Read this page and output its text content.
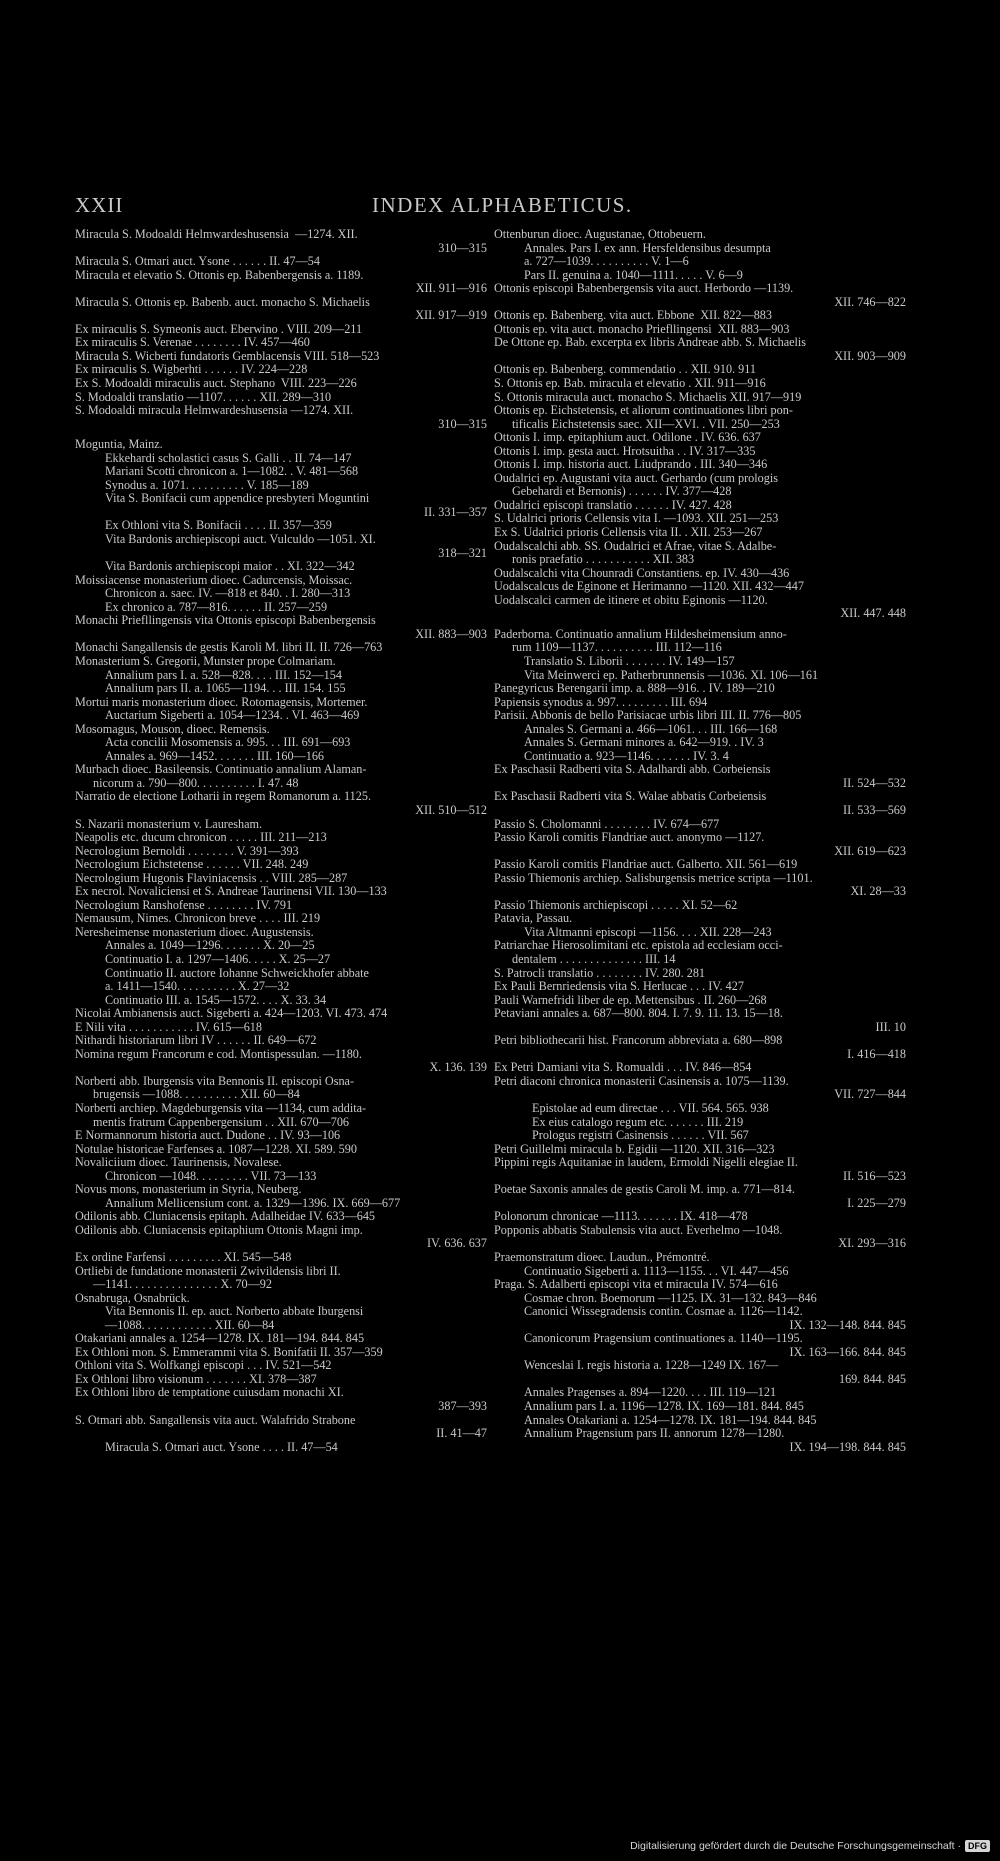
XXII	INDEX ALPHABETICUS.
Miracula S. Modoaldi Helmwardeshusensia  —1274. XII.
310—315
Miracula S. Otmari auct. Ysone . . . . . . II. 47—54
Miracula et elevatio S. Ottonis ep. Babenbergensis a. 1189.
XII. 911—916
Miracula S. Ottonis ep. Babenb. auct. monacho S. Michaelis
XII. 917—919
Ex miraculis S. Symeonis auct. Eberwino . VIII. 209—211
Ex miraculis S. Verenae . . . . . . . . IV. 457—460
Miracula S. Wicberti fundatoris Gemblacensis VIII. 518—523
Ex miraculis S. Wigberhti . . . . . . IV. 224—228
Ex S. Modoaldi miraculis auct. Stephano  VIII. 223—226
S. Modoaldi translatio —1107. . . . . . XII. 289—310
S. Modoaldi miracula Helmwardeshusensia —1274. XII.
310—315
Moguntia, Mainz.
Ekkehardi scholastici casus S. Galli . . II. 74—147
Mariani Scotti chronicon a. 1—1082. . V. 481—568
Synodus a. 1071. . . . . . . . . . V. 185—189
Vita S. Bonifacii cum appendice presbyteri Moguntini
II. 331—357
Ex Othloni vita S. Bonifacii . . . . II. 357—359
Vita Bardonis archiepiscopi auct. Vulculdo —1051. XI.
318—321
Vita Bardonis archiepiscopi maior . . XI. 322—342
Moissiacense monasterium dioec. Cadurcensis, Moissac.
Chronicon a. saec. IV. —818 et 840. . I. 280—313
Ex chronico a. 787—816. . . . . . II. 257—259
Monachi Priefllingensis vita Ottonis episcopi Babenbergensis
XII. 883—903
Monachi Sangallensis de gestis Karoli M. libri II. II. 726—763
Monasterium S. Gregorii, Munster prope Colmariam.
Annalium pars I. a. 528—828. . . . III. 152—154
Annalium pars II. a. 1065—1194. . . III. 154. 155
Mortui maris monasterium dioec. Rotomagensis, Mortemer.
Auctarium Sigeberti a. 1054—1234. . VI. 463—469
Mosomagus, Mouson, dioec. Remensis.
Acta concilii Mosomensis a. 995. . . III. 691—693
Annales a. 969—1452. . . . . . . III. 160—166
Murbach dioec. Basileensis. Continuatio annalium Alaman-
nicorum a. 790—800. . . . . . . . . . I. 47. 48
Narratio de electione Lotharii in regem Romanorum a. 1125.
XII. 510—512
S. Nazarii monasterium v. Lauresham.
Neapolis etc. ducum chronicon . . . . . III. 211—213
Necrologium Bernoldi . . . . . . . . V. 391—393
Necrologium Eichstetense . . . . . . VII. 248. 249
Necrologium Hugonis Flaviniacensis . . VIII. 285—287
Ex necrol. Novaliciensi et S. Andreae Taurinensi VII. 130—133
Necrologium Ranshofense . . . . . . . . IV. 791
Nemausum, Nimes. Chronicon breve . . . . III. 219
Neresheimense monasterium dioec. Augustensis.
Annales a. 1049—1296. . . . . . . X. 20—25
Continuatio I. a. 1297—1406. . . . . X. 25—27
Continuatio II. auctore Iohanne Schweickhofer abbate
a. 1411—1540. . . . . . . . . . X. 27—32
Continuatio III. a. 1545—1572. . . . X. 33. 34
Nicolai Ambianensis auct. Sigeberti a. 424—1203. VI. 473. 474
E Nili vita . . . . . . . . . . . IV. 615—618
Nithardi historiarum libri IV . . . . . . II. 649—672
Nomina regum Francorum e cod. Montispessulan. —1180.
X. 136. 139
Norberti abb. Iburgensis vita Bennonis II. episcopi Osna-
brugensis —1088. . . . . . . . . . XII. 60—84
Norberti archiep. Magdeburgensis vita —1134, cum addita-
mentis fratrum Cappenbergensium . . XII. 670—706
E Normannorum historia auct. Dudone . . IV. 93—106
Notulae historicae Farfenses a. 1087—1228. XI. 589. 590
Novaliciium dioec. Taurinensis, Novalese.
Chronicon —1048. . . . . . . . . VII. 73—133
Novus mons, monasterium in Styria, Neuberg.
Annalium Mellicensium cont. a. 1329—1396. IX. 669—677
Odilonis abb. Cluniacensis epitaph. Adalheidae IV. 633—645
Odilonis abb. Cluniacensis epitaphium Ottonis Magni imp.
IV. 636. 637
Ex ordine Farfensi . . . . . . . . . XI. 545—548
Ortliebi de fundatione monasterii Zwivildensis libri II.
—1141. . . . . . . . . . . . . . . X. 70—92
Osnabruga, Osnabrück.
Vita Bennonis II. ep. auct. Norberto abbate Iburgensi
—1088. . . . . . . . . . . . XII. 60—84
Otakariani annales a. 1254—1278. IX. 181—194. 844. 845
Ex Othloni mon. S. Emmerammi vita S. Bonifatii II. 357—359
Othloni vita S. Wolfkangi episcopi . . . IV. 521—542
Ex Othloni libro visionum . . . . . . . XI. 378—387
Ex Othloni libro de temptatione cuiusdam monachi XI.
387—393
S. Otmari abb. Sangallensis vita auct. Walafrido Strabone
II. 41—47
Miracula S. Otmari auct. Ysone . . . . II. 47—54
Ottenburun dioec. Augustanae, Ottobeuern.
Annales. Pars I. ex ann. Hersfeldensibus desumpta
a. 727—1039. . . . . . . . . . V. 1—6
Pars II. genuina a. 1040—1111. . . . . V. 6—9
Ottonis episcopi Babenbergensis vita auct. Herbordo —1139.
XII. 746—822
Ottonis ep. Babenberg. vita auct. Ebbone  XII. 822—883
Ottonis ep. vita auct. monacho Priefllingensi  XII. 883—903
De Ottone ep. Bab. excerpta ex libris Andreae abb. S. Michaelis
XII. 903—909
Ottonis ep. Babenberg. commendatio . . XII. 910. 911
S. Ottonis ep. Bab. miracula et elevatio . XII. 911—916
S. Ottonis miracula auct. monacho S. Michaelis XII. 917—919
Ottonis ep. Eichstetensis, et aliorum continuationes libri pon-
tificalis Eichstetensis saec. XII—XVI. . VII. 250—253
Ottonis I. imp. epitaphium auct. Odilone . IV. 636. 637
Ottonis I. imp. gesta auct. Hrotsuitha . . IV. 317—335
Ottonis I. imp. historia auct. Liudprando . III. 340—346
Oudalrici ep. Augustani vita auct. Gerhardo (cum prologis
Gebehardi et Bernonis) . . . . . . IV. 377—428
Oudalrici episcopi translatio . . . . . . IV. 427. 428
S. Udalrici prioris Cellensis vita I. —1093. XII. 251—253
Ex S. Udalrici prioris Cellensis vita II. . XII. 253—267
Oudalscalchi abb. SS. Oudalrici et Afrae, vitae S. Adalbe-
ronis praefatio . . . . . . . . . . . XII. 383
Oudalscalchi vita Chounradi Constantiens. ep. IV. 430—436
Uodalscalcus de Eginone et Herimanno —1120. XII. 432—447
Uodalscalci carmen de itinere et obitu Eginonis —1120.
XII. 447. 448
Paderborna. Continuatio annalium Hildesheimensium anno-
rum 1109—1137. . . . . . . . . . III. 112—116
Translatio S. Liborii . . . . . . . IV. 149—157
Vita Meinwerci ep. Patherbrunnensis —1036. XI. 106—161
Panegyricus Berengarii imp. a. 888—916. . IV. 189—210
Papiensis synodus a. 997. . . . . . . . . III. 694
Parisii. Abbonis de bello Parisiacae urbis libri III. II. 776—805
Annales S. Germani a. 466—1061. . . III. 166—168
Annales S. Germani minores a. 642—919. . IV. 3
Continuatio a. 923—1146. . . . . . . IV. 3. 4
Ex Paschasii Radberti vita S. Adalhardi abb. Corbeiensis
II. 524—532
Ex Paschasii Radberti vita S. Walae abbatis Corbeiensis
II. 533—569
Passio S. Cholomanni . . . . . . . . IV. 674—677
Passio Karoli comitis Flandriae auct. anonymo —1127.
XII. 619—623
Passio Karoli comitis Flandriae auct. Galberto. XII. 561—619
Passio Thiemonis archiep. Salisburgensis metrice scripta —1101.
XI. 28—33
Passio Thiemonis archiepiscopi . . . . . XI. 52—62
Patavia, Passau.
Vita Altmanni episcopi —1156. . . . XII. 228—243
Patriarchae Hierosolimitani etc. epistola ad ecclesiam occi-
dentalem . . . . . . . . . . . . . . III. 14
S. Patrocli translatio . . . . . . . . IV. 280. 281
Ex Pauli Bernriedensis vita S. Herlucae . . . IV. 427
Pauli Warnefridi liber de ep. Mettensibus . II. 260—268
Petaviani annales a. 687—800. 804. I. 7. 9. 11. 13. 15—18.
III. 10
Petri bibliothecarii hist. Francorum abbreviata a. 680—898
I. 416—418
Ex Petri Damiani vita S. Romualdi . . . IV. 846—854
Petri diaconi chronica monasterii Casinensis a. 1075—1139.
VII. 727—844
Epistolae ad eum directae . . . VII. 564. 565. 938
Ex eius catalogo regum etc. . . . . . . III. 219
Prologus registri Casinensis . . . . . . VII. 567
Petri Guillelmi miracula b. Egidii —1120. XII. 316—323
Pippini regis Aquitaniae in laudem, Ermoldi Nigelli elegiae II.
II. 516—523
Poetae Saxonis annales de gestis Caroli M. imp. a. 771—814.
I. 225—279
Polonorum chronicae —1113. . . . . . . IX. 418—478
Popponis abbatis Stabulensis vita auct. Everhelmo —1048.
XI. 293—316
Praemonstratum dioec. Laudun., Prémontré.
Continuatio Sigeberti a. 1113—1155. . . VI. 447—456
Praga. S. Adalberti episcopi vita et miracula IV. 574—616
Cosmae chron. Boemorum —1125. IX. 31—132. 843—846
Canonici Wissegradensis contin. Cosmae a. 1126—1142.
IX. 132—148. 844. 845
Canonicorum Pragensium continuationes a. 1140—1195.
IX. 163—166. 844. 845
Wenceslai I. regis historia a. 1228—1249 IX. 167—
169. 844. 845
Annales Pragenses a. 894—1220. . . . III. 119—121
Annalium pars I. a. 1196—1278. IX. 169—181. 844. 845
Annales Otakariani a. 1254—1278. IX. 181—194. 844. 845
Annalium Pragensium pars II. annorum 1278—1280.
IX. 194—198. 844. 845
Digitalisierung gefördert durch die Deutsche Forschungsgemeinschaft · DFG
